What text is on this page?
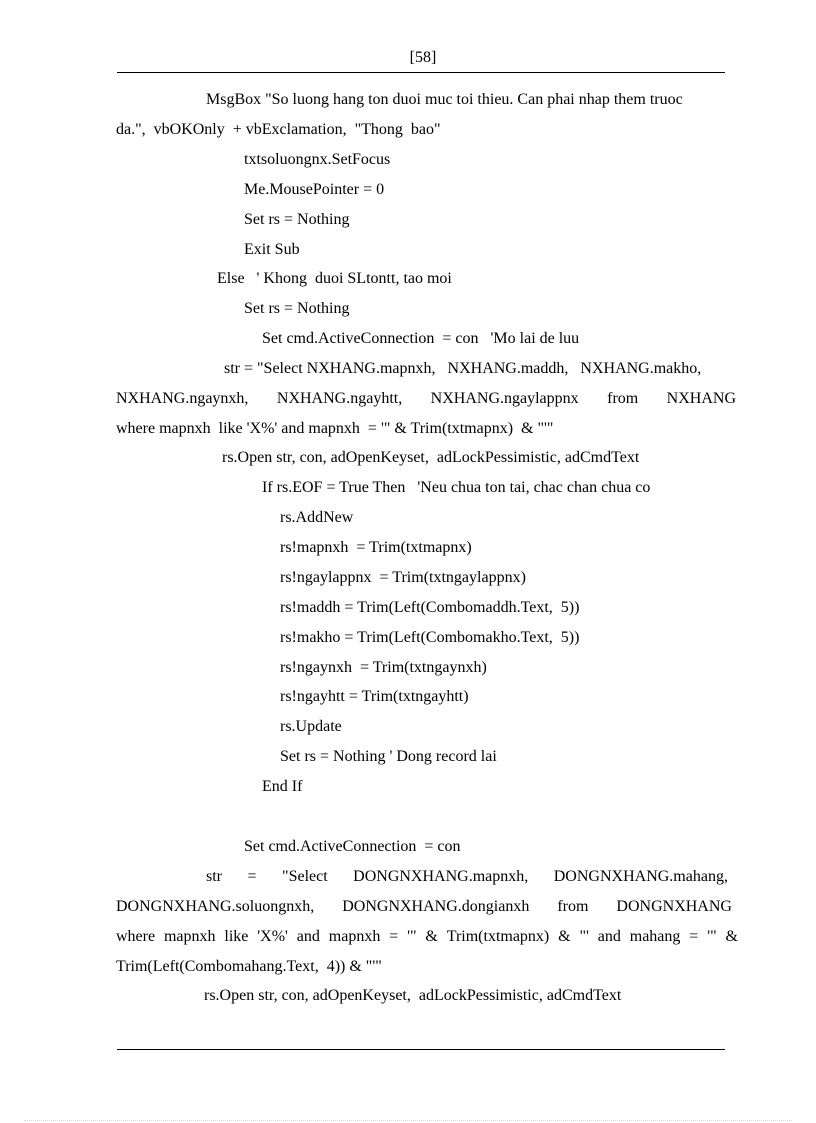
[58]
MsgBox "So luong hang ton duoi muc toi thieu. Can phai nhap them truoc
da.",  vbOKOnly  + vbExclamation,  "Thong  bao"
txtsoluongnx.SetFocus
Me.MousePointer = 0
Set rs = Nothing
Exit Sub
Else   ' Khong  duoi SLtontt, tao moi
Set rs = Nothing
Set cmd.ActiveConnection  = con   'Mo lai de luu
str = "Select NXHANG.mapnxh,   NXHANG.maddh,   NXHANG.makho,
NXHANG.ngaynxh, NXHANG.ngayhtt, NXHANG.ngaylappnx from NXHANG
where mapnxh  like 'X%' and mapnxh  = '" & Trim(txtmapnx)  & "'"
rs.Open str, con, adOpenKeyset,  adLockPessimistic, adCmdText
If rs.EOF = True Then   'Neu chua ton tai, chac chan chua co
rs.AddNew
rs!mapnxh  = Trim(txtmapnx)
rs!ngaylappnx  = Trim(txtngaylappnx)
rs!maddh = Trim(Left(Combomaddh.Text,  5))
rs!makho = Trim(Left(Combomakho.Text,  5))
rs!ngaynxh  = Trim(txtngaynxh)
rs!ngayhtt = Trim(txtngayhtt)
rs.Update
Set rs = Nothing ' Dong record lai
End If
Set cmd.ActiveConnection  = con
str = "Select DONGNXHANG.mapnxh, DONGNXHANG.mahang,
DONGNXHANG.soluongnxh, DONGNXHANG.dongianxh from DONGNXHANG
where mapnxh like 'X%' and mapnxh = '" & Trim(txtmapnx) & "' and mahang = '" &
Trim(Left(Combomahang.Text,  4)) & "'"
rs.Open str, con, adOpenKeyset,  adLockPessimistic, adCmdText
